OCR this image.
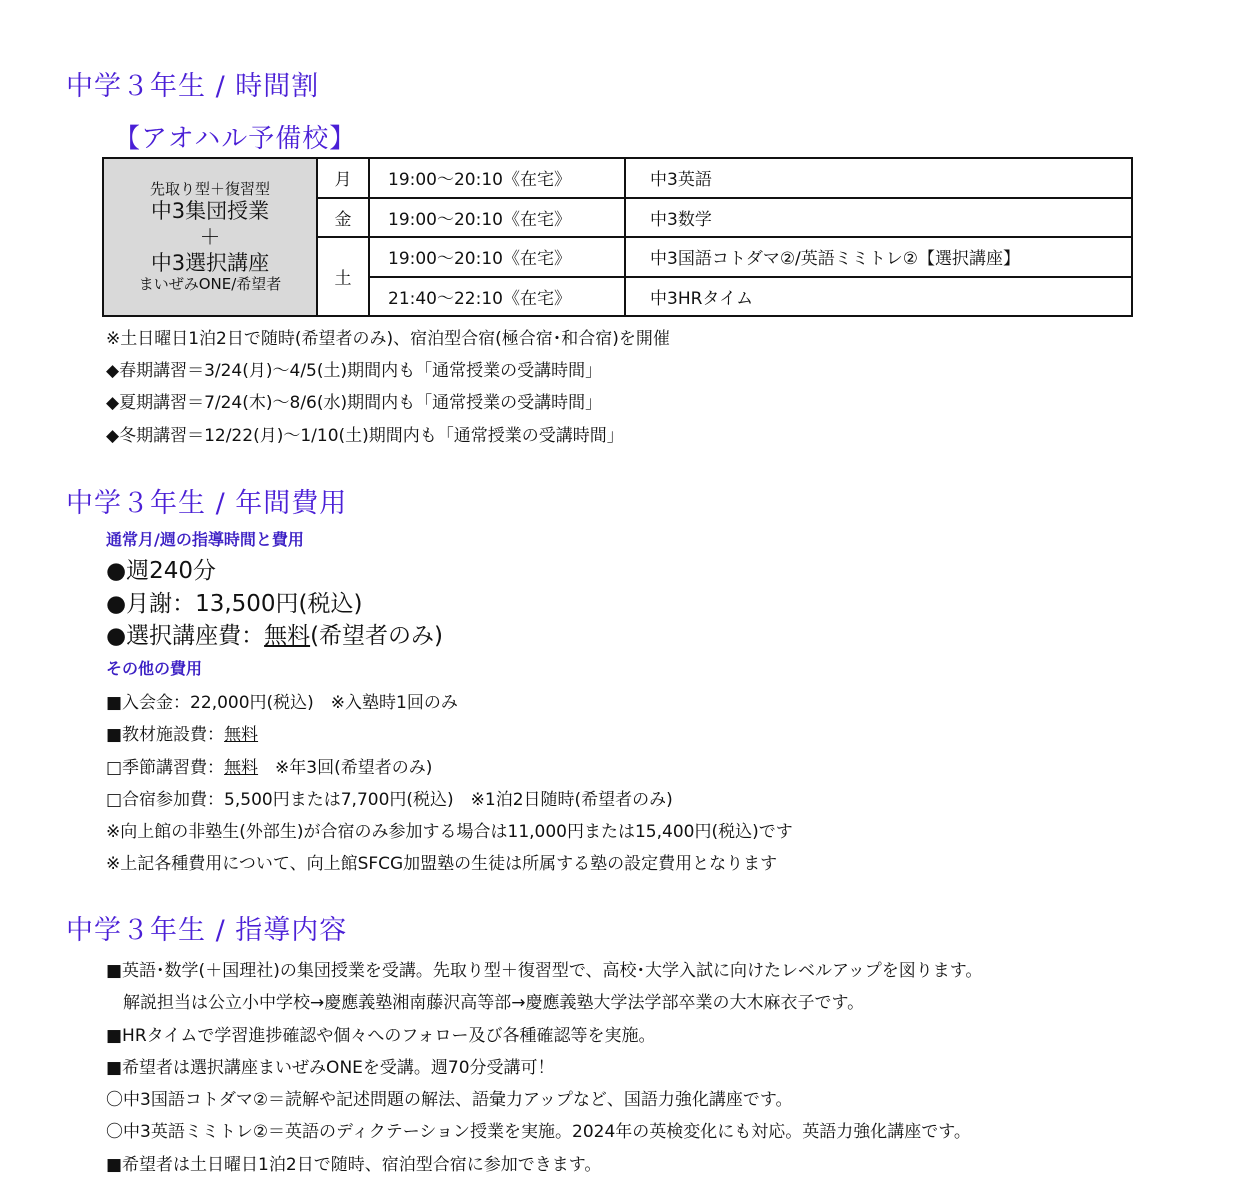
中学３年生 / 時間割
【アオハル予備校】
先取り型＋復習型
中3集団授業
＋
中3選択講座
まいぜみONE/希望者	月	19:00〜20:10《在宅》	中3英語
	金	19:00〜20:10《在宅》	中3数学
	土	19:00〜20:10《在宅》	中3国語コトダマ②/英語ミミトレ②【選択講座】
		21:40〜22:10《在宅》	中3HRタイム
※土日曜日1泊2日で随時(希望者のみ)、宿泊型合宿(極合宿･和合宿)を開催
◆春期講習＝3/24(月)〜4/5(土)期間内も「通常授業の受講時間」
◆夏期講習＝7/24(木)〜8/6(水)期間内も「通常授業の受講時間」
◆冬期講習＝12/22(月)〜1/10(土)期間内も「通常授業の受講時間」
中学３年生 / 年間費用
通常月/週の指導時間と費用
●週240分
●月謝：13,500円(税込)
●選択講座費：無料(希望者のみ)
その他の費用
■入会金：22,000円(税込)　※入塾時1回のみ
■教材施設費：無料
□季節講習費：無料　※年3回(希望者のみ)
□合宿参加費：5,500円または7,700円(税込)　※1泊2日随時(希望者のみ)
※向上館の非塾生(外部生)が合宿のみ参加する場合は11,000円または15,400円(税込)です
※上記各種費用について、向上館SFCG加盟塾の生徒は所属する塾の設定費用となります
中学３年生 / 指導内容
■英語･数学(＋国理社)の集団授業を受講。先取り型＋復習型で、高校･大学入試に向けたレベルアップを図ります。
　解説担当は公立小中学校→慶應義塾湘南藤沢高等部→慶應義塾大学法学部卒業の大木麻衣子です。
■HRタイムで学習進捗確認や個々へのフォロー及び各種確認等を実施。
■希望者は選択講座まいぜみONEを受講。週70分受講可！
〇中3国語コトダマ②＝読解や記述問題の解法、語彙力アップなど、国語力強化講座です。
〇中3英語ミミトレ②＝英語のディクテーション授業を実施。2024年の英検変化にも対応。英語力強化講座です。
■希望者は土日曜日1泊2日で随時、宿泊型合宿に参加できます。
